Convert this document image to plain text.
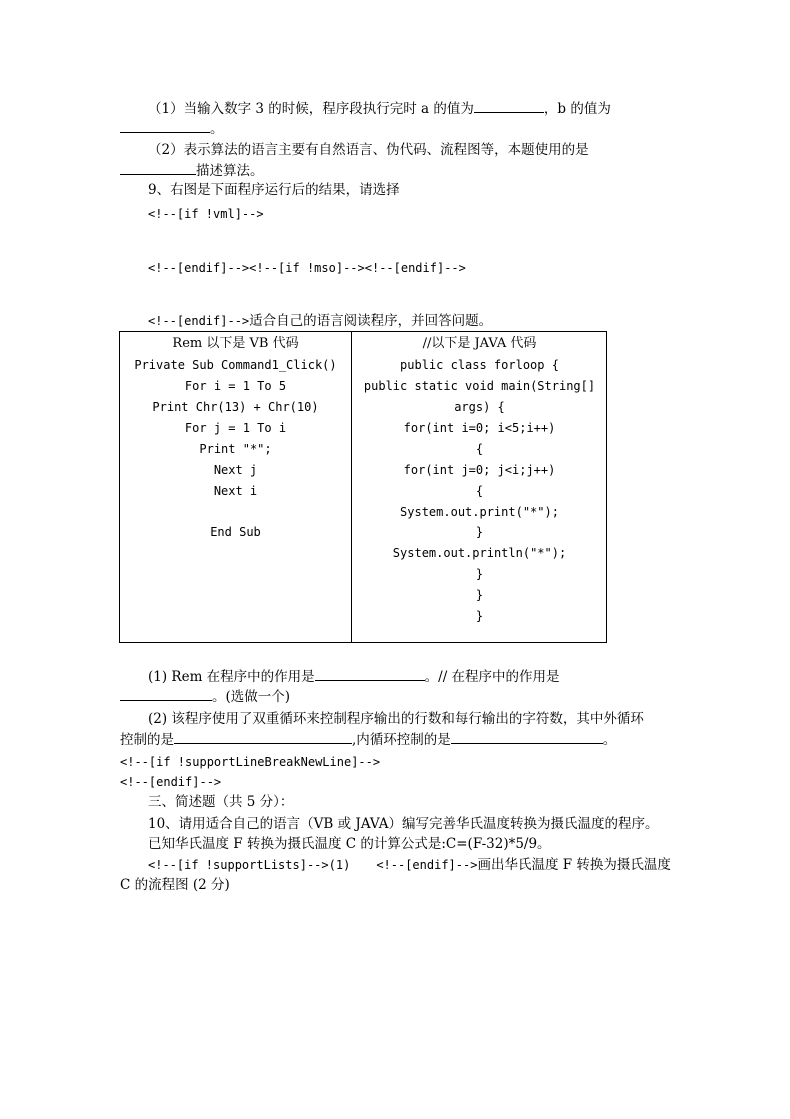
（1）当输入数字 3 的时候，程序段执行完时 a 的值为	，b 的值为
。
（2）表示算法的语言主要有自然语言、伪代码、流程图等，本题使用的是
描述算法。
9、右图是下面程序运行后的结果，请选择
<!--[if !vml]-->
<!--[endif]--><!--[if !mso]--><!--[endif]-->
<!--[endif]-->适合自己的语言阅读程序，并回答问题。
Rem 以下是 VB 代码
Private Sub Command1_Click()
For i = 1 To 5
Print Chr(13) + Chr(10)
For j = 1 To i
Print "*";
Next j
Next i
End Sub
//以下是 JAVA 代码
public class forloop {
public static void main(String[]
args) {
for(int i=0; i<5;i++)
{
for(int j=0; j<i;j++)
{
System.out.print("*");
}
System.out.println("*");
}
}
}
(1) Rem 在程序中的作用是	。// 在程序中的作用是
。(选做一个)
(2) 该程序使用了双重循环来控制程序输出的行数和每行输出的字符数，其中外循环
控制的是	,内循环控制的是	。
<!--[if !supportLineBreakNewLine]-->
<!--[endif]-->
三、简述题（共 5 分）：
10、请用适合自己的语言（VB 或 JAVA）编写完善华氏温度转换为摄氏温度的程序。
已知华氏温度 F 转换为摄氏温度 C 的计算公式是:C=(F-32)*5/9。
<!--[if !supportLists]-->(1) <!--[endif]-->画出华氏温度 F 转换为摄氏温度
C 的流程图 (2 分)
